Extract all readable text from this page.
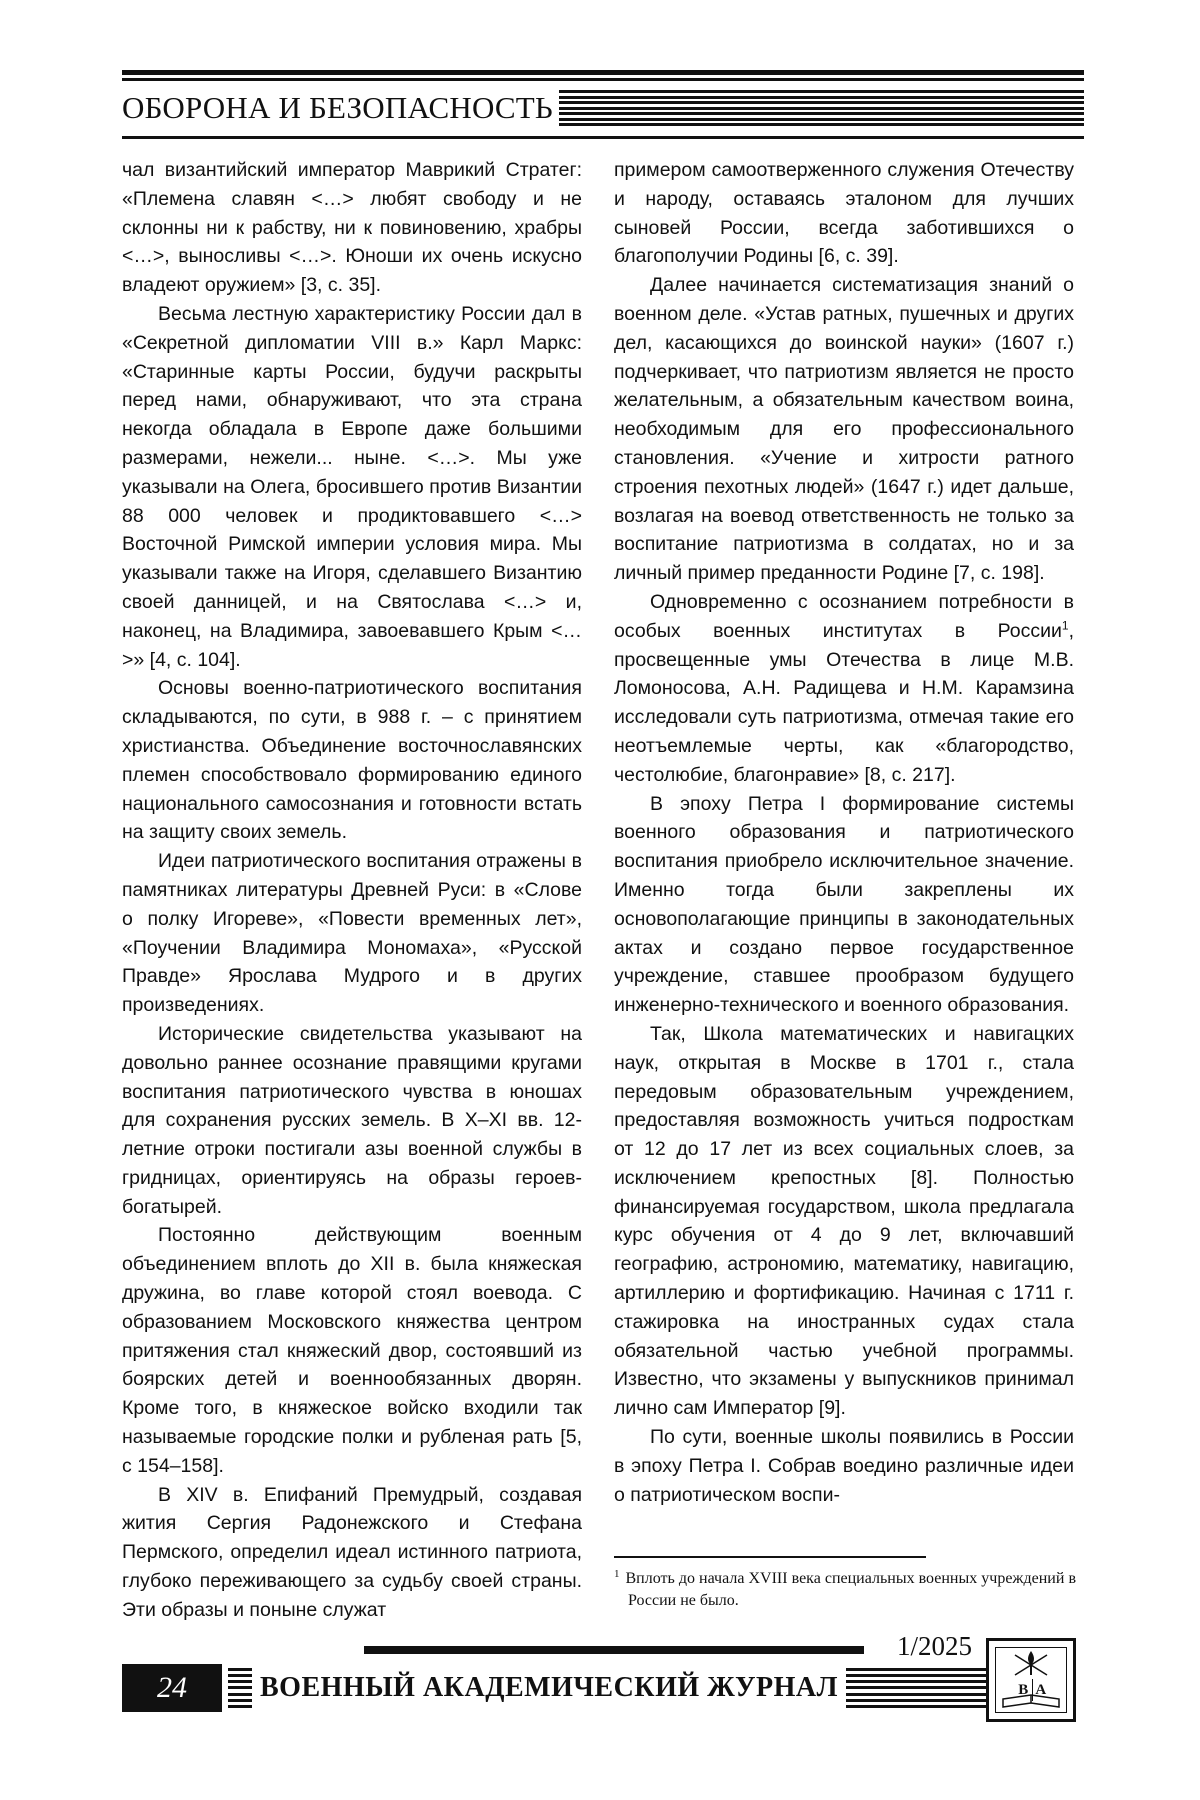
ОБОРОНА И БЕЗОПАСНОСТЬ

чал византийский император Маврикий Стратег: «Племена славян <…> любят свободу и не склонны ни к рабству, ни к повиновению, храбры <…>, выносливы <…>. Юноши их очень искусно владеют оружием» [3, с. 35].

Весьма лестную характеристику России дал в «Секретной дипломатии VIII в.» Карл Маркс: «Старинные карты России, будучи раскрыты перед нами, обнаруживают, что эта страна некогда обладала в Европе даже большими размерами, нежели... ныне. <…>. Мы уже указывали на Олега, бросившего против Византии 88 000 человек и продиктовавшего <…> Восточной Римской империи условия мира. Мы указывали также на Игоря, сделавшего Византию своей данницей, и на Святослава <…> и, наконец, на Владимира, завоевавшего Крым <…>» [4, с. 104].

Основы военно-патриотического воспитания складываются, по сути, в 988 г. – с принятием христианства. Объединение восточнославянских племен способствовало формированию единого национального самосознания и готовности встать на защиту своих земель.

Идеи патриотического воспитания отражены в памятниках литературы Древней Руси: в «Слове о полку Игореве», «Повести временных лет», «Поучении Владимира Мономаха», «Русской Правде» Ярослава Мудрого и в других произведениях.

Исторические свидетельства указывают на довольно раннее осознание правящими кругами воспитания патриотического чувства в юношах для сохранения русских земель. В X–XI вв. 12-летние отроки постигали азы военной службы в гридницах, ориентируясь на образы героев-богатырей.

Постоянно действующим военным объединением вплоть до XII в. была княжеская дружина, во главе которой стоял воевода. С образованием Московского княжества центром притяжения стал княжеский двор, состоявший из боярских детей и военнообязанных дворян. Кроме того, в княжеское войско входили так называемые городские полки и рубленая рать [5, с 154–158].

В XIV в. Епифаний Премудрый, создавая жития Сергия Радонежского и Стефана Пермского, определил идеал истинного патриота, глубоко переживающего за судьбу своей страны. Эти образы и поныне служат

примером самоотверженного служения Отечеству и народу, оставаясь эталоном для лучших сыновей России, всегда заботившихся о благополучии Родины [6, с. 39].

Далее начинается систематизация знаний о военном деле. «Устав ратных, пушечных и других дел, касающихся до воинской науки» (1607 г.) подчеркивает, что патриотизм является не просто желательным, а обязательным качеством воина, необходимым для его профессионального становления. «Учение и хитрости ратного строения пехотных людей» (1647 г.) идет дальше, возлагая на воевод ответственность не только за воспитание патриотизма в солдатах, но и за личный пример преданности Родине [7, с. 198].

Одновременно с осознанием потребности в особых военных институтах в России$^1$, просвещенные умы Отечества в лице М.В. Ломоносова, А.Н. Радищева и Н.М. Карамзина исследовали суть патриотизма, отмечая такие его неотъемлемые черты, как «благородство, честолюбие, благонравие» [8, с. 217].

В эпоху Петра I формирование системы военного образования и патриотического воспитания приобрело исключительное значение. Именно тогда были закреплены их основополагающие принципы в законодательных актах и создано первое государственное учреждение, ставшее прообразом будущего инженерно-технического и военного образования.

Так, Школа математических и навигацких наук, открытая в Москве в 1701 г., стала передовым образовательным учреждением, предоставляя возможность учиться подросткам от 12 до 17 лет из всех социальных слоев, за исключением крепостных [8]. Полностью финансируемая государством, школа предлагала курс обучения от 4 до 9 лет, включавший географию, астрономию, математику, навигацию, артиллерию и фортификацию. Начиная с 1711 г. стажировка на иностранных судах стала обязательной частью учебной программы. Известно, что экзамены у выпускников принимал лично сам Император [9].

По сути, военные школы появились в России в эпоху Петра I. Собрав воедино различные идеи о патриотическом воспи-

$^1$ Вплоть до начала XVIII века специальных военных учреждений в России не было.

1/2025
24	ВОЕННЫЙ АКАДЕМИЧЕСКИЙ ЖУРНАЛ	В А
